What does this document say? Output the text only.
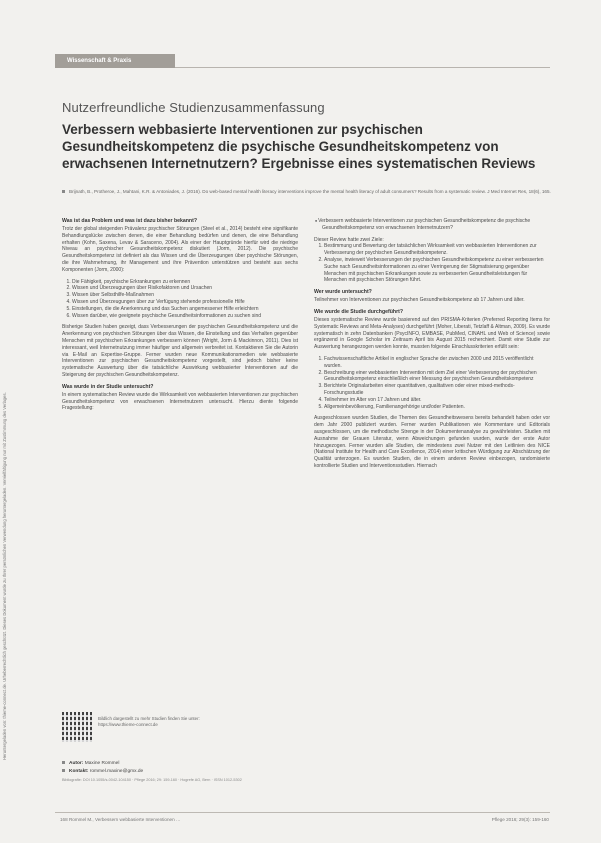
Heruntergeladen von: thieme-connect.de. Urheberrechtlich geschützt. Dieses Dokument wurde zu Ihrer persönlichen Verwendung heruntergeladen. Vervielfältigung nur mit Zustimmung des Verlages.
Wissenschaft & Praxis
Nutzerfreundliche Studienzusammenfassung
Verbessern webbasierte Interventionen zur psychischen Gesundheitskompetenz die psychische Gesundheitskompetenz von erwachsenen Internetnutzern? Ergebnisse eines systematischen Reviews
Brijnath, B., Protheroe, J., Mahtani, K.R. & Antoniades, J. (2016). Do web-based mental health literacy interventions improve the mental health literacy of adult consumers? Results from a systematic review. J Med Internet Res, 18(6), 165.
Was ist das Problem und was ist dazu bisher bekannt?

Trotz der global steigenden Prävalenz psychischer Störungen (Steel et al., 2014) besteht eine signifikante Behandlungslücke zwischen denen, die einer Behandlung bedürfen und denen, die eine Behandlung erhalten (Kohn, Saxena, Levav & Saraceno, 2004). Als einer der Hauptgründe hierfür wird die niedrige Niveau an psychischer Gesundheitskompetenz diskutiert (Jorm, 2012). Die psychische Gesundheitskompetenz ist definiert als das Wissen und die Überzeugungen über psychische Störungen, die ihre Wahrnehmung, ihr Management und ihre Prävention unterstützen und besteht aus sechs Komponenten (Jorm, 2000):

1. Die Fähigkeit, psychische Erkrankungen zu erkennen
2. Wissen und Überzeugungen über Risikofaktoren und Ursachen
3. Wissen über Selbsthilfe-Maßnahmen
4. Wissen und Überzeugungen über zur Verfügung stehende professionelle Hilfe
5. Einstellungen, die die Anerkennung und das Suchen angemessener Hilfe erleichtern
6. Wissen darüber, wie geeignete psychische Gesundheitsinformationen zu suchen sind

Bisherige Studien haben gezeigt, dass Verbesserungen der psychischen Gesundheitskompetenz und die Anerkennung von psychischen Störungen über das Wissen, die Einstellung und das Verhalten gegenüber Menschen mit psychischen Erkrankungen verbessern können (Wright, Jorm & Mackinnon, 2011). Dies ist interessant, weil Internetnutzung immer häufiger und allgemein verbreitet ist. Kontaktieren Sie die Autorin via E-Mail an Expertise-Gruppe. Ferner wurden neue Kommunikationsmedien wie webbasierte Interventionen zur psychischen Gesundheitskompetenz vorgestellt, sind jedoch bisher keine systematische Auswertung über die tatsächliche Auswirkung webbasierter Interventionen auf die Steigerung der psychischen Gesundheitskompetenz.

Was wurde in der Studie untersucht?

In einem systematischen Review wurde die Wirksamkeit von webbasierten Interventionen zur psychischen Gesundheitskompetenz von erwachsenen Internetnutzern untersucht. Hierzu diente folgende Fragestellung:

Bildlich dargestellt zu mehr Studien finden Sie unter: https://www.thieme-connect.de
Autor: Maxine Rommel
Kontakt: rommel.maxine@gmx.de
Bibliografie: DOI 10.1055/s-0042-104150 · Pflege 2016; 29: 159-160 · Hogrefe AG, Bern · ISSN 1012-5302
■ Verbessern webbasierte Interventionen zur psychischen Gesundheitskompetenz die psychische Gesundheitskompetenz von erwachsenen Internetnutzern?
Dieser Review hatte zwei Ziele:
1. Bestimmung und Bewertung der tatsächlichen Wirksamkeit von webbasierten Interventionen zur Verbesserung der psychischen Gesundheitskompetenz.
2. Analyse, inwieweit Verbesserungen der psychischen Gesundheitskompetenz zu einer verbesserten Suche nach Gesundheitsinformationen zu einer Verringerung der Stigmatisierung gegenüber Menschen mit psychischen Erkrankungen sowie zu verbesserten Gesundheitsleistungen für Menschen mit psychischen Störungen führt.
Wer wurde untersucht?

Teilnehmer von Interventionen zur psychischen Gesundheitskompetenz ab 17 Jahren und älter.

Wie wurde die Studie durchgeführt?

Dieses systematische Review wurde basierend auf den PRISMA-Kriterien (Preferred Reporting Items for Systematic Reviews and Meta-Analyses) durchgeführt (Moher, Liberati, Tetzlaff & Altman, 2009). Es wurde systematisch in zehn Datenbanken (PsycINFO, EMBASE, PubMed, CINAHL und Web of Science) sowie ergänzend in Google Scholar im Zeitraum April bis August 2015 recherchiert. Damit eine Studie zur Auswertung herangezogen werden konnte, mussten folgende Einschlusskriterien erfüllt sein:

1. Fachwissenschaftliche Artikel in englischer Sprache der zwischen 2000 und 2015 veröffentlicht wurden.
2. Beschreibung einer webbasierten Intervention mit dem Ziel einer Verbesserung der psychischen Gesundheitskompetenz einschließlich einer Messung der psychischen Gesundheitskompetenz
3. Berichtete Originalarbeiten einer quantitativen, qualitativen oder einer mixed-methods-Forschungsstudie
4. Teilnehmer im Alter von 17 Jahren und älter.
5. Allgemeinbevölkerung, Familienangehörige und/oder Patienten.

Ausgeschlossen wurden Studien, die Themen des Gesundheitswesens bereits behandelt haben oder vor dem Jahr 2000 publiziert wurden. Ferner wurden Publikationen wie Kommentare und Editorials ausgeschlossen, um die methodische Strenge in der Dokumentenanalyse zu gewährleisten. Studien mit Ausnahme der Grauen Literatur, wenn Abweichungen gefunden wurden, wurde der erste Autor hinzugezogen. Ferner wurden alle Studien, die mindestens zwei Nutzer mit den Leitlinien des NICE (National Institute for Health and Care Excellence, 2014) einer kritischen Würdigung zur Abschätzung der Qualität unterzogen. Es wurden Studien, die in einem anderen Review einbezogen, randomisierte kontrollierte Studien und Interventionsstudien. Hiernach

168 Rommel M., Verbessern webbasierte Interventionen …	Pflege 2016; 29(3): 159-160
